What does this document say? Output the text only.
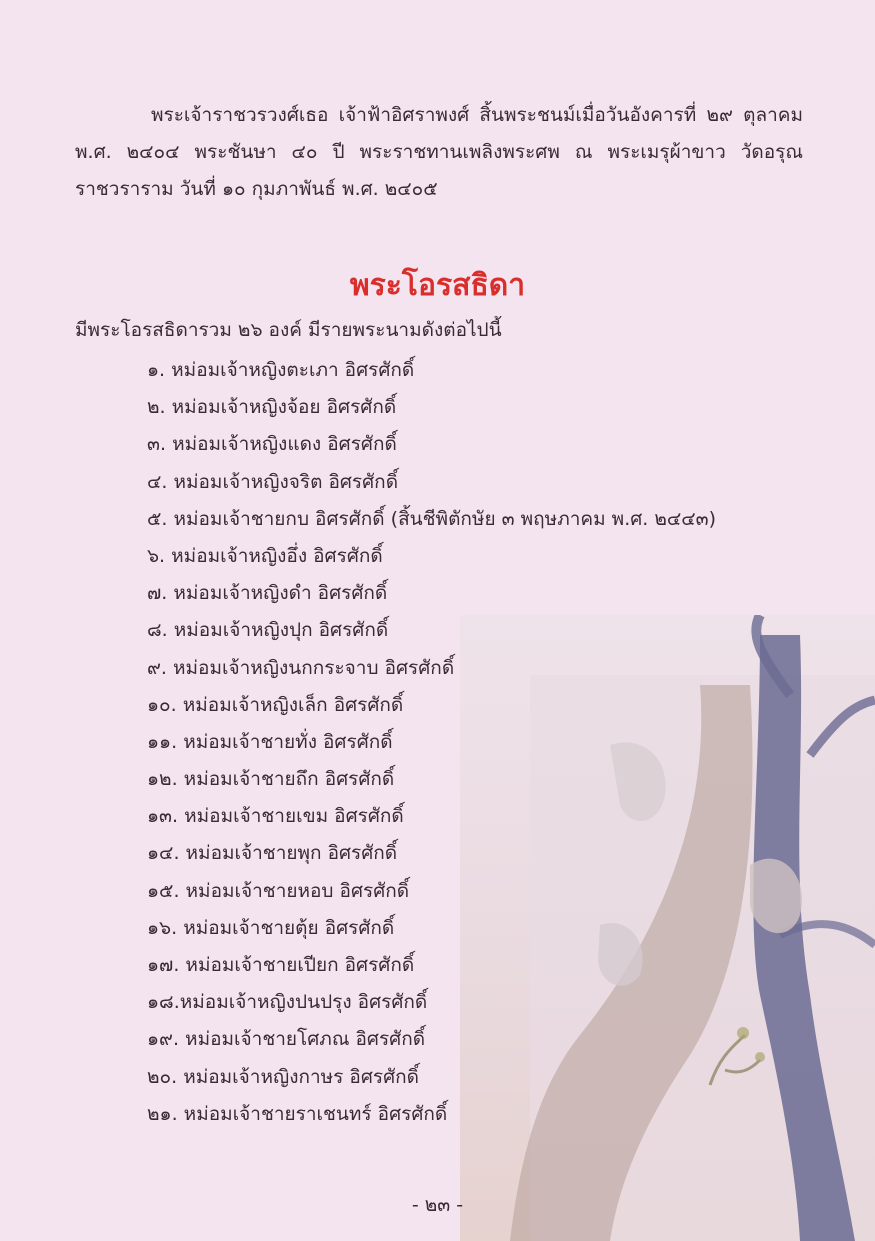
พระเจ้าราชวรวงศ์เธอ เจ้าฟ้าอิศราพงศ์ สิ้นพระชนม์เมื่อวันอังคารที่ ๒๙ ตุลาคม พ.ศ. ๒๔๐๔ พระชันษา ๔๐ ปี พระราชทานเพลิงพระศพ ณ พระเมรุผ้าขาว วัดอรุณราชวราราม วันที่ ๑๐ กุมภาพันธ์ พ.ศ. ๒๔๐๕

พระโอรสธิดา

มีพระโอรสธิดารวม ๒๖ องค์ มีรายพระนามดังต่อไปนี้

๑. หม่อมเจ้าหญิงตะเภา อิศรศักดิ์
๒. หม่อมเจ้าหญิงจ้อย อิศรศักดิ์
๓. หม่อมเจ้าหญิงแดง อิศรศักดิ์
๔. หม่อมเจ้าหญิงจริต อิศรศักดิ์
๕. หม่อมเจ้าชายกบ อิศรศักดิ์ (สิ้นชีพิตักษัย ๓ พฤษภาคม พ.ศ. ๒๔๔๓)
๖. หม่อมเจ้าหญิงอึ่ง อิศรศักดิ์
๗. หม่อมเจ้าหญิงดำ อิศรศักดิ์
๘. หม่อมเจ้าหญิงปุก อิศรศักดิ์
๙. หม่อมเจ้าหญิงนกกระจาบ อิศรศักดิ์
๑๐. หม่อมเจ้าหญิงเล็ก อิศรศักดิ์
๑๑. หม่อมเจ้าชายทั่ง อิศรศักดิ์
๑๒. หม่อมเจ้าชายถึก อิศรศักดิ์
๑๓. หม่อมเจ้าชายเขม อิศรศักดิ์
๑๔. หม่อมเจ้าชายพุก อิศรศักดิ์
๑๕. หม่อมเจ้าชายหอบ อิศรศักดิ์
๑๖. หม่อมเจ้าชายตุ้ย อิศรศักดิ์
๑๗. หม่อมเจ้าชายเปียก อิศรศักดิ์
๑๘.หม่อมเจ้าหญิงปนปรุง อิศรศักดิ์
๑๙. หม่อมเจ้าชายโศภณ อิศรศักดิ์
๒๐. หม่อมเจ้าหญิงกาษร อิศรศักดิ์
๒๑. หม่อมเจ้าชายราเชนทร์ อิศรศักดิ์
- ๒๓ -
